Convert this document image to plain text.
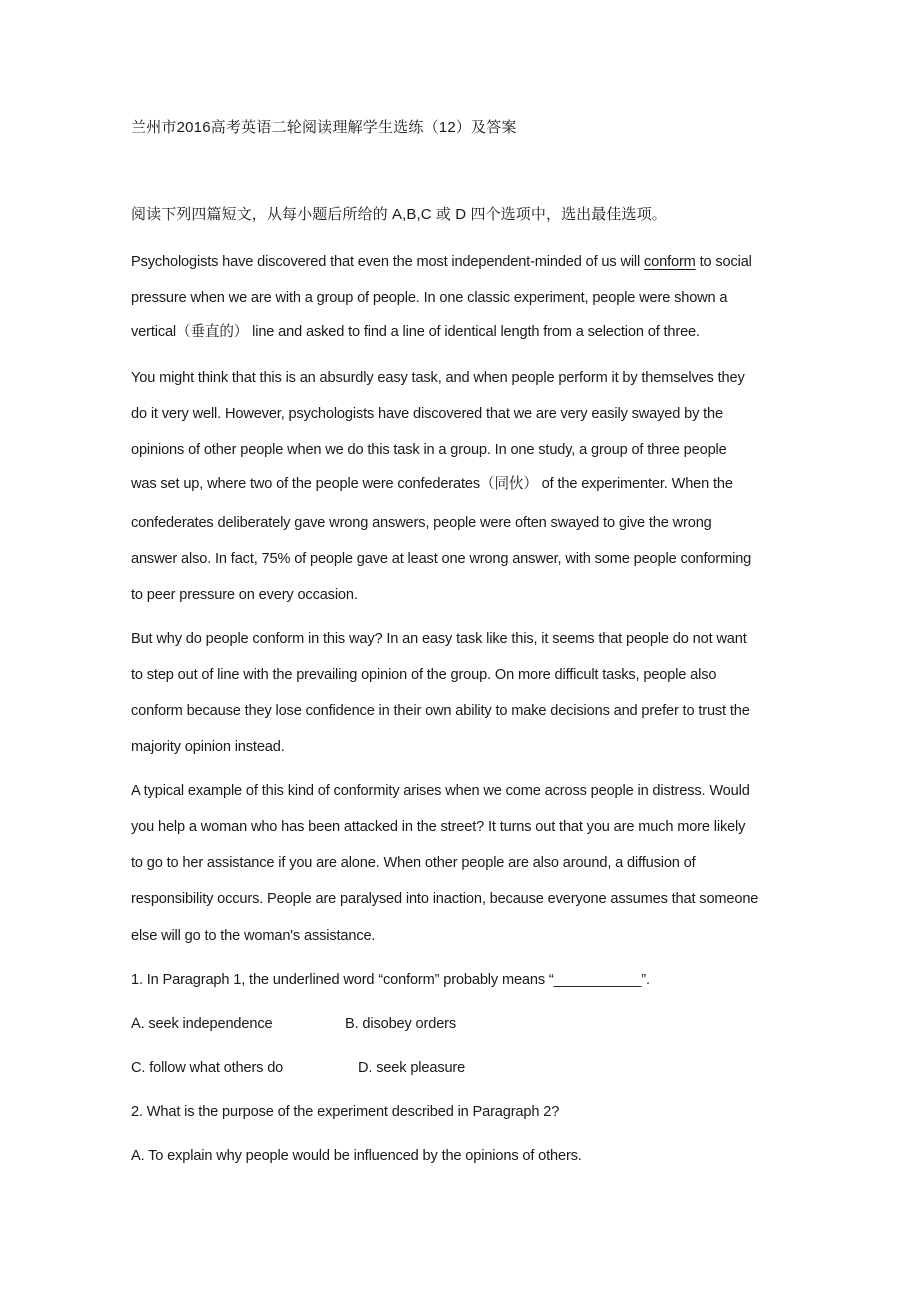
兰州市2016高考英语二轮阅读理解学生选练（12）及答案
阅读下列四篇短文，从每小题后所给的 A,B,C 或 D 四个选项中，选出最佳选项。
Psychologists have discovered that even the most independent-minded of us will conform to social
pressure when we are with a group of people. In one classic experiment, people were shown a
vertical（垂直的） line and asked to find a line of identical length from a selection of three.
You might think that this is an absurdly easy task, and when people perform it by themselves they
do it very well. However, psychologists have discovered that we are very easily swayed by the
opinions of other people when we do this task in a group. In one study, a group of three people
was set up, where two of the people were confederates（同伙） of the experimenter. When the
confederates deliberately gave wrong answers, people were often swayed to give the wrong
answer also. In fact, 75% of people gave at least one wrong answer, with some people conforming
to peer pressure on every occasion.
But why do people conform in this way? In an easy task like this, it seems that people do not want
to step out of line with the prevailing opinion of the group. On more difficult tasks, people also
conform because they lose confidence in their own ability to make decisions and prefer to trust the
majority opinion instead.
A typical example of this kind of conformity arises when we come across people in distress. Would
you help a woman who has been attacked in the street? It turns out that you are much more likely
to go to her assistance if you are alone. When other people are also around, a diffusion of
responsibility occurs. People are paralysed into inaction, because everyone assumes that someone
else will go to the woman's assistance.
1. In Paragraph 1, the underlined word “conform” probably means “___________”.
A. seek independence	B. disobey orders
C. follow what others do	D. seek pleasure
2. What is the purpose of the experiment described in Paragraph 2?
A. To explain why people would be influenced by the opinions of others.
